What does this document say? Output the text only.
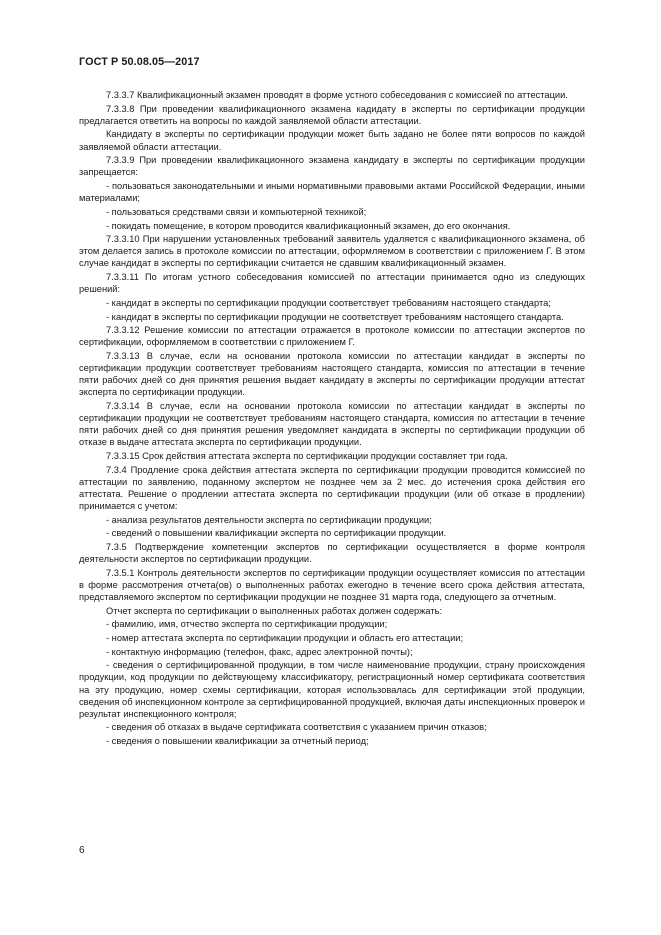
ГОСТ Р 50.08.05—2017

7.3.3.7 Квалификационный экзамен проводят в форме устного собеседования с комиссией по аттестации.

7.3.3.8 При проведении квалификационного экзамена кадидату в эксперты по сертификации продукции предлагается ответить на вопросы по каждой заявляемой области аттестации.

Кандидату в эксперты по сертификации продукции может быть задано не более пяти вопросов по каждой заявляемой области аттестации.

7.3.3.9 При проведении квалификационного экзамена кандидату в эксперты по сертификации продукции запрещается:

- пользоваться законодательными и иными нормативными правовыми актами Российской Федерации, иными материалами;

- пользоваться средствами связи и компьютерной техникой;

- покидать помещение, в котором проводится квалификационный экзамен, до его окончания.

7.3.3.10 При нарушении установленных требований заявитель удаляется с квалификационного экзамена, об этом делается запись в протоколе комиссии по аттестации, оформляемом в соответствии с приложением Г. В этом случае кандидат в эксперты по сертификации считается не сдавшим квалификационный экзамен.

7.3.3.11 По итогам устного собеседования комиссией по аттестации принимается одно из следующих решений:

- кандидат в эксперты по сертификации продукции соответствует требованиям настоящего стандарта;

- кандидат в эксперты по сертификации продукции не соответствует требованиям настоящего стандарта.

7.3.3.12 Решение комиссии по аттестации отражается в протоколе комиссии по аттестации экспертов по сертификации, оформляемом в соответствии с приложением Г.

7.3.3.13 В случае, если на основании протокола комиссии по аттестации кандидат в эксперты по сертификации продукции соответствует требованиям настоящего стандарта, комиссия по аттестации в течение пяти рабочих дней со дня принятия решения выдает кандидату в эксперты по сертификации продукции аттестат эксперта по сертификации продукции.

7.3.3.14 В случае, если на основании протокола комиссии по аттестации кандидат в эксперты по сертификации продукции не соответствует требованиям настоящего стандарта, комиссия по аттестации в течение пяти рабочих дней со дня принятия решения уведомляет кандидата в эксперты по сертификации продукции об отказе в выдаче аттестата эксперта по сертификации продукции.

7.3.3.15 Срок действия аттестата эксперта по сертификации продукции составляет три года.

7.3.4 Продление срока действия аттестата эксперта по сертификации продукции проводится комиссией по аттестации по заявлению, поданному экспертом не позднее чем за 2 мес. до истечения срока действия его аттестата. Решение о продлении аттестата эксперта по сертификации продукции (или об отказе в продлении) принимается с учетом:

- анализа результатов деятельности эксперта по сертификации продукции;

- сведений о повышении квалификации эксперта по сертификации продукции.

7.3.5 Подтверждение компетенции экспертов по сертификации осуществляется в форме контроля деятельности экспертов по сертификации продукции.

7.3.5.1 Контроль деятельности экспертов по сертификации продукции осуществляет комиссия по аттестации в форме рассмотрения отчета(ов) о выполненных работах ежегодно в течение всего срока действия аттестата, представляемого экспертом по сертификации продукции не позднее 31 марта года, следующего за отчетным.

Отчет эксперта по сертификации о выполненных работах должен содержать:

- фамилию, имя, отчество эксперта по сертификации продукции;

- номер аттестата эксперта по сертификации продукции и область его аттестации;

- контактную информацию (телефон, факс, адрес электронной почты);

- сведения о сертифицированной продукции, в том числе наименование продукции, страну происхождения продукции, код продукции по действующему классификатору, регистрационный номер сертификата соответствия на эту продукцию, номер схемы сертификации, которая использовалась для сертификации этой продукции, сведения об инспекционном контроле за сертифицированной продукцией, включая даты инспекционных проверок и результат инспекционного контроля;

- сведения об отказах в выдаче сертификата соответствия с указанием причин отказов;

- сведения о повышении квалификации за отчетный период;

6
